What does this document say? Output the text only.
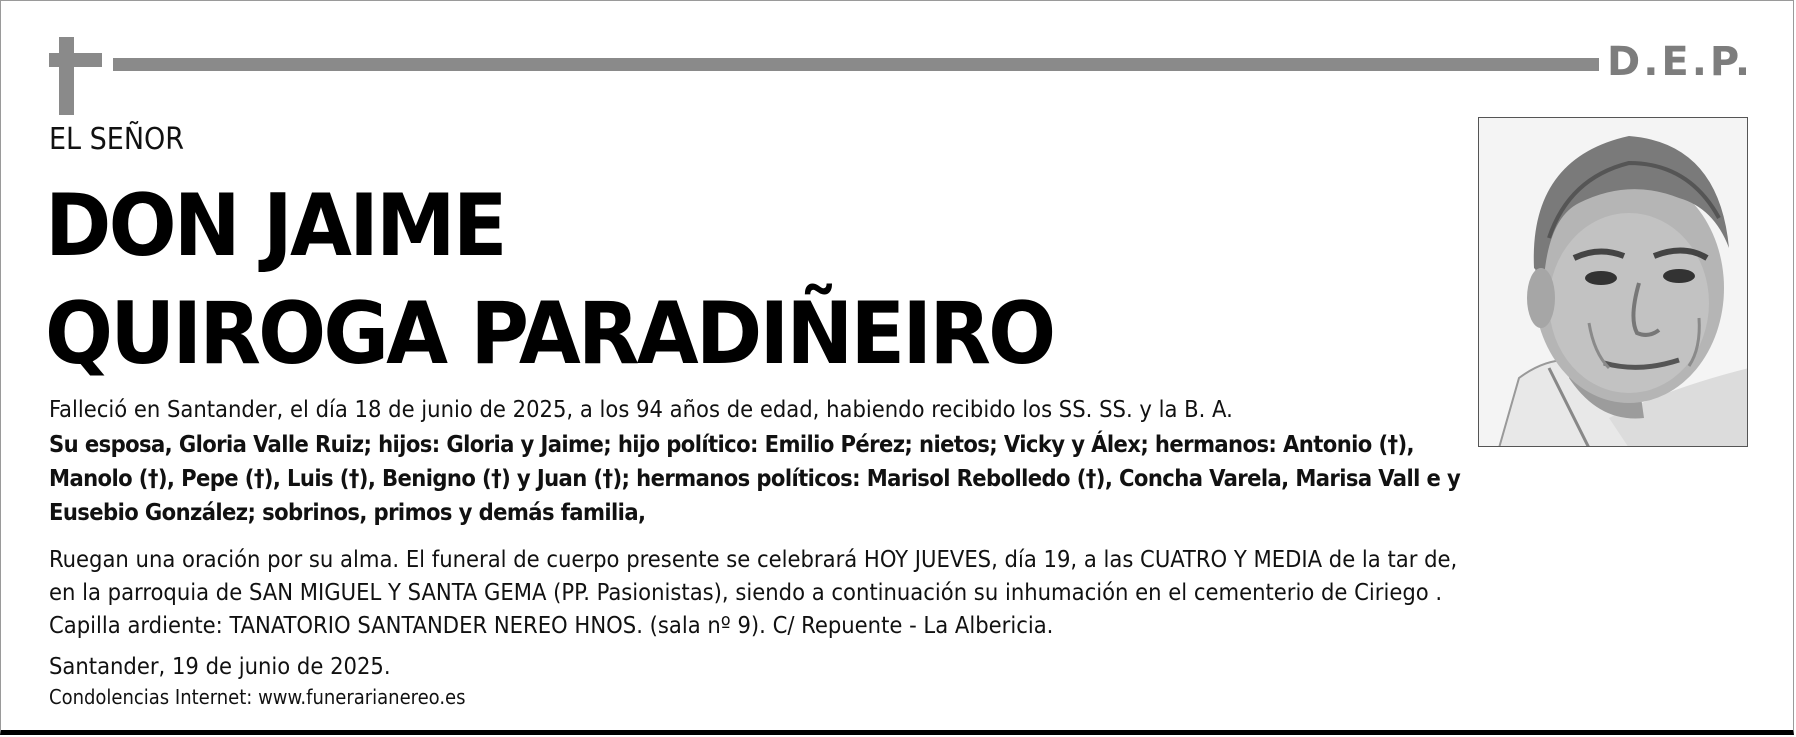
D.E.P.
EL SEÑOR
DON JAIME
QUIROGA PARADIÑEIRO
Falleció en Santander, el día 18 de junio de 2025, a los 94 años de edad, habiendo recibido los SS. SS. y la B. A.
Su esposa, Gloria Valle Ruiz; hijos: Gloria y Jaime; hijo político: Emilio Pérez; nietos; Vicky y Álex; hermanos: Antonio (†),
Manolo (†), Pepe (†), Luis (†), Benigno (†) y Juan (†); hermanos políticos: Marisol Rebolledo (†), Concha Varela, Marisa Vall e y
Eusebio González; sobrinos, primos y demás familia,
Ruegan una oración por su alma. El funeral de cuerpo presente se celebrará HOY JUEVES, día 19, a las CUATRO Y MEDIA de la tar de,
en la parroquia de SAN MIGUEL Y SANTA GEMA (PP. Pasionistas), siendo a continuación su inhumación en el cementerio de Ciriego .
Capilla ardiente: TANATORIO SANTANDER NEREO HNOS. (sala nº 9). C/ Repuente - La Albericia.
Santander, 19 de junio de 2025.
Condolencias Internet: www.funerarianereo.es
